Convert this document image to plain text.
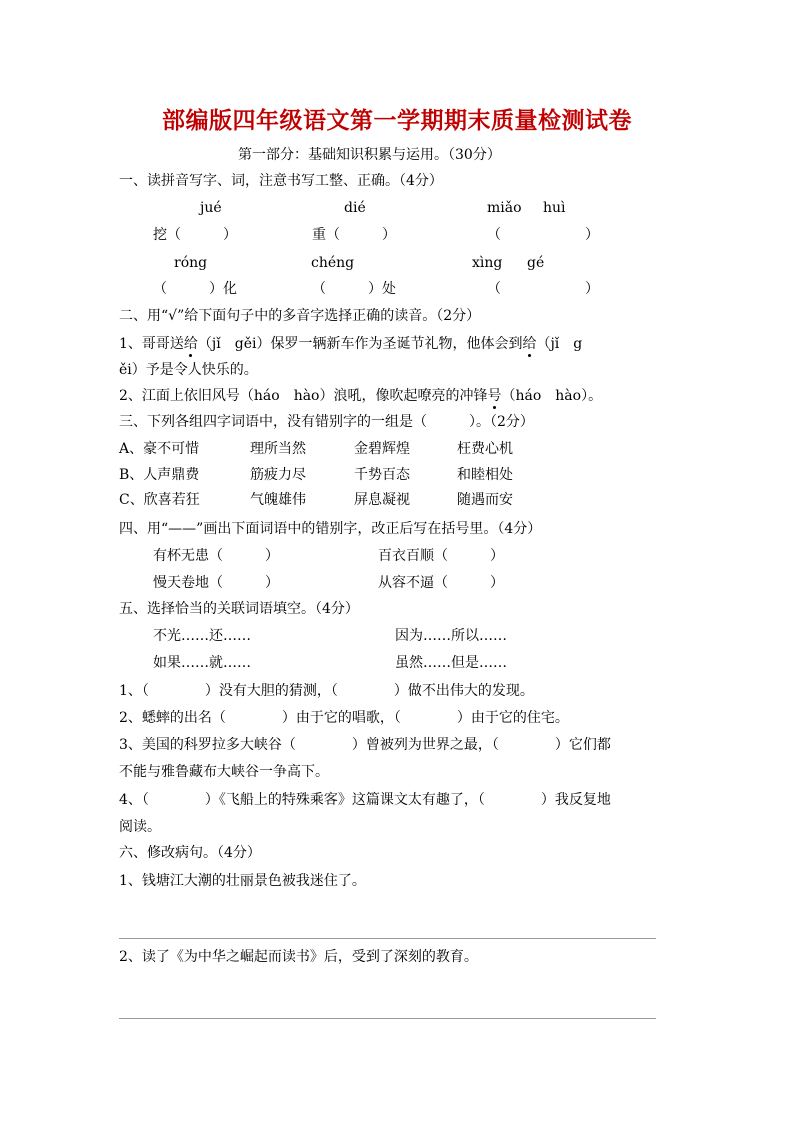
部编版四年级语文第一学期期末质量检测试卷
第一部分：基础知识积累与运用。（30分）
一、读拼音写字、词，注意书写工整、正确。（4分）
jué	dié	miǎo huì
挖（　　　）	重（　　　）	（　　　　　　）
róng	chéng	xìng gé
（　　　）化	（　　　）处	（　　　　　　）
二、用“√”给下面句子中的多音字选择正确的读音。（2分）
1、哥哥送给（jǐ　gěi）保罗一辆新车作为圣诞节礼物，他体会到给（jǐ　g
ěi）予是令人快乐的。
2、江面上依旧风号（háo　hào）浪吼，像吹起嘹亮的冲锋号（háo　hào）。
三、下列各组四字词语中，没有错别字的一组是（　　　）。（2分）
A、豪不可惜	理所当然	金碧辉煌	枉费心机
B、人声鼎费	筋疲力尽	千势百态	和睦相处
C、欣喜若狂	气魄雄伟	屏息凝视	随遇而安
四、用“——”画出下面词语中的错别字，改正后写在括号里。（4分）
有杯无患（　　　）	百衣百顺（　　　）
慢天卷地（　　　）	从容不逼（　　　）
五、选择恰当的关联词语填空。（4分）
不光……还……	因为……所以……
如果……就……	虽然……但是……
1、（　　　　）没有大胆的猜测，（　　　　）做不出伟大的发现。
2、蟋蟀的出名（　　　　）由于它的唱歌，（　　　　）由于它的住宅。
3、美国的科罗拉多大峡谷（　　　　）曾被列为世界之最，（　　　　）它们都
不能与雅鲁藏布大峡谷一争高下。
4、（　　　　）《飞船上的特殊乘客》这篇课文太有趣了，（　　　　）我反复地
阅读。
六、修改病句。（4分）
1、钱塘江大潮的壮丽景色被我迷住了。
2、读了《为中华之崛起而读书》后，受到了深刻的教育。
